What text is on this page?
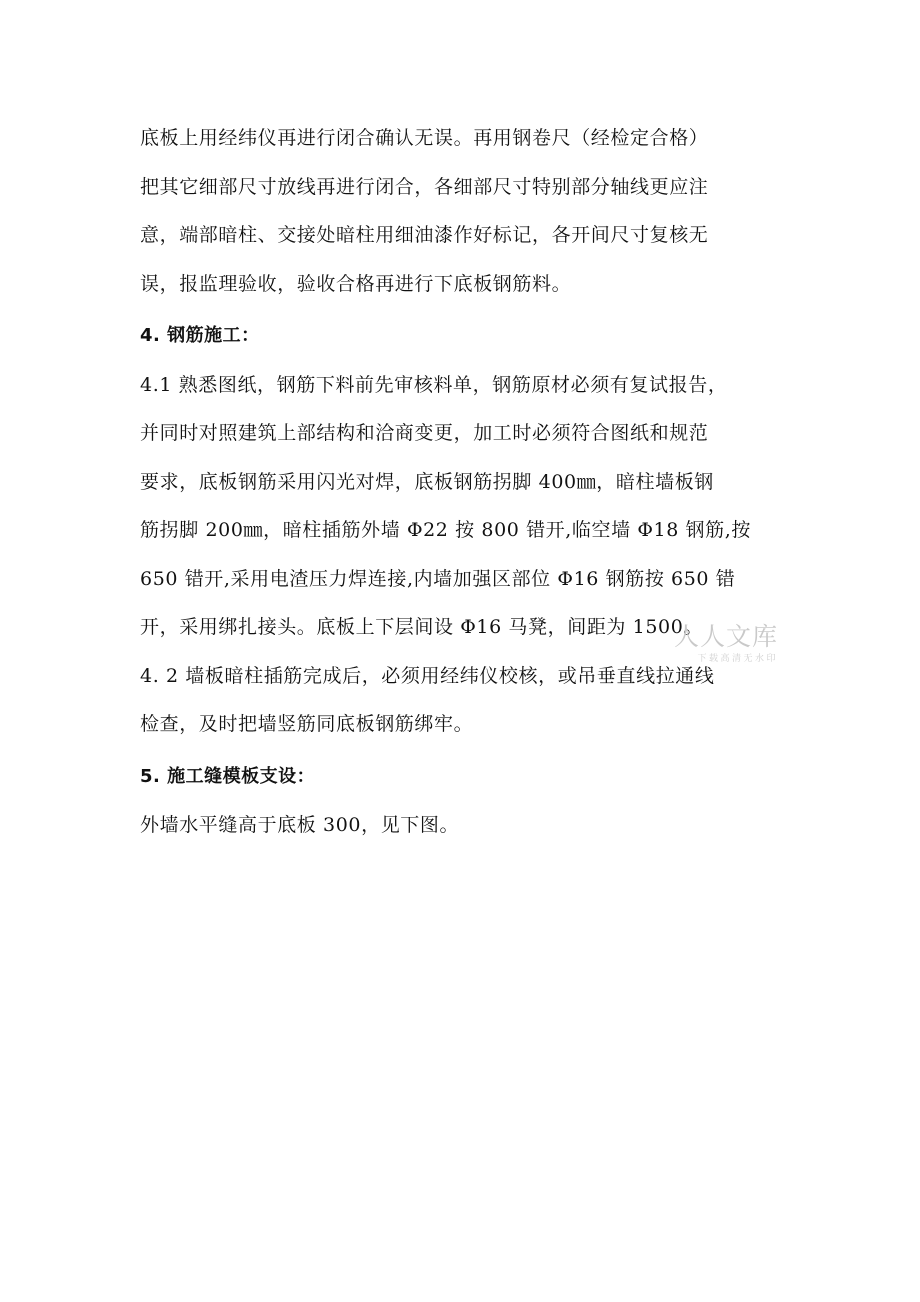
底板上用经纬仪再进行闭合确认无误。再用钢卷尺（经检定合格）
把其它细部尺寸放线再进行闭合，各细部尺寸特别部分轴线更应注
意，端部暗柱、交接处暗柱用细油漆作好标记，各开间尺寸复核无
误，报监理验收，验收合格再进行下底板钢筋料。

4. 钢筋施工：

4.1 熟悉图纸，钢筋下料前先审核料单，钢筋原材必须有复试报告，
并同时对照建筑上部结构和洽商变更，加工时必须符合图纸和规范
要求，底板钢筋采用闪光对焊，底板钢筋拐脚 400㎜，暗柱墙板钢
筋拐脚 200㎜，暗柱插筋外墙 Φ22 按 800 错开,临空墙 Φ18 钢筋,按
650 错开,采用电渣压力焊连接,内墙加强区部位 Φ16 钢筋按 650 错
开，采用绑扎接头。底板上下层间设 Φ16 马凳，间距为 1500。

4. 2 墙板暗柱插筋完成后，必须用经纬仪校核，或吊垂直线拉通线
检查，及时把墙竖筋同底板钢筋绑牢。

5. 施工缝模板支设：

外墙水平缝高于底板 300，见下图。

人人文库
下载高清无水印
